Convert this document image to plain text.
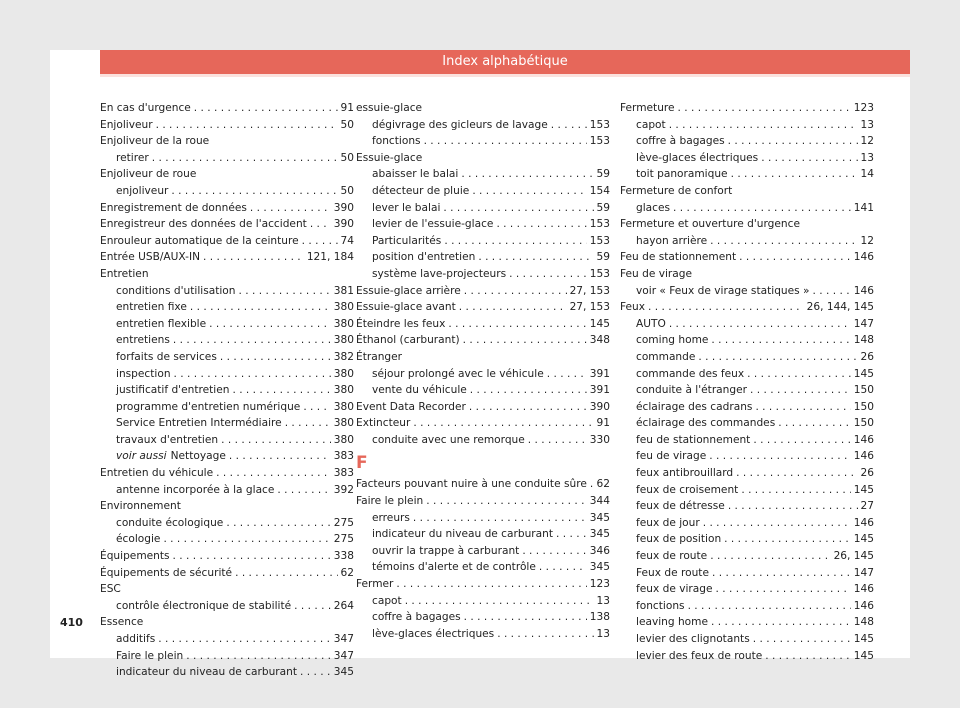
Index alphabétique
En cas d'urgence . . .	91
Enjoliveur . . .	50
Enjoliveur de la roue
retirer . . .	50
Enjoliveur de roue
enjoliveur . . .	50
Enregistrement de données . . .	390
Enregistreur des données de l'accident . . .	390
Enrouleur automatique de la ceinture . . .	74
Entrée USB/AUX-IN . . .	121, 184
Entretien
conditions d'utilisation . . .	381
entretien fixe . . .	380
entretien flexible . . .	380
entretiens . . .	380
forfaits de services . . .	382
inspection . . .	380
justificatif d'entretien . . .	380
programme d'entretien numérique . . .	380
Service Entretien Intermédiaire . . .	380
travaux d'entretien . . .	380
voir aussi Nettoyage . . .	383
Entretien du véhicule . . .	383
antenne incorporée à la glace . . .	392
Environnement
conduite écologique . . .	275
écologie . . .	275
Équipements . . .	338
Équipements de sécurité . . .	62
ESC
contrôle électronique de stabilité . . .	264
Essence
additifs . . .	347
Faire le plein . . .	347
indicateur du niveau de carburant . . .	345
essuie-glace
dégivrage des gicleurs de lavage . . .	153
fonctions . . .	153
Essuie-glace
abaisser le balai . . .	59
détecteur de pluie . . .	154
lever le balai . . .	59
levier de l'essuie-glace . . .	153
Particularités . . .	153
position d'entretien . . .	59
système lave-projecteurs . . .	153
Essuie-glace arrière . . .	27, 153
Essuie-glace avant . . .	27, 153
Éteindre les feux . . .	145
Éthanol (carburant) . . .	348
Étranger
séjour prolongé avec le véhicule . . .	391
vente du véhicule . . .	391
Event Data Recorder . . .	390
Extincteur . . .	91
conduite avec une remorque . . .	330
F
Facteurs pouvant nuire à une conduite sûre . . . 62
Faire le plein . . .	344
erreurs . . .	345
indicateur du niveau de carburant . . .	345
ouvrir la trappe à carburant . . .	346
témoins d'alerte et de contrôle . . .	345
Fermer . . .	123
capot . . .	13
coffre à bagages . . .	138
lève-glaces électriques . . .	13
Fermeture . . .	123
capot . . .	13
coffre à bagages . . .	12
lève-glaces électriques . . .	13
toit panoramique . . .	14
Fermeture de confort
glaces . . .	141
Fermeture et ouverture d'urgence
hayon arrière . . .	12
Feu de stationnement . . .	146
Feu de virage
voir « Feux de virage statiques » . . .	146
Feux . . .	26, 144, 145
AUTO . . .	147
coming home . . .	148
commande . . .	26
commande des feux . . .	145
conduite à l'étranger . . .	150
éclairage des cadrans . . .	150
éclairage des commandes . . .	150
feu de stationnement . . .	146
feu de virage . . .	146
feux antibrouillard . . .	26
feux de croisement . . .	145
feux de détresse . . .	27
feux de jour . . .	146
feux de position . . .	145
feux de route . . .	26, 145
Feux de route . . .	147
feux de virage . . .	146
fonctions . . .	146
leaving home . . .	148
levier des clignotants . . .	145
levier des feux de route . . .	145
410
